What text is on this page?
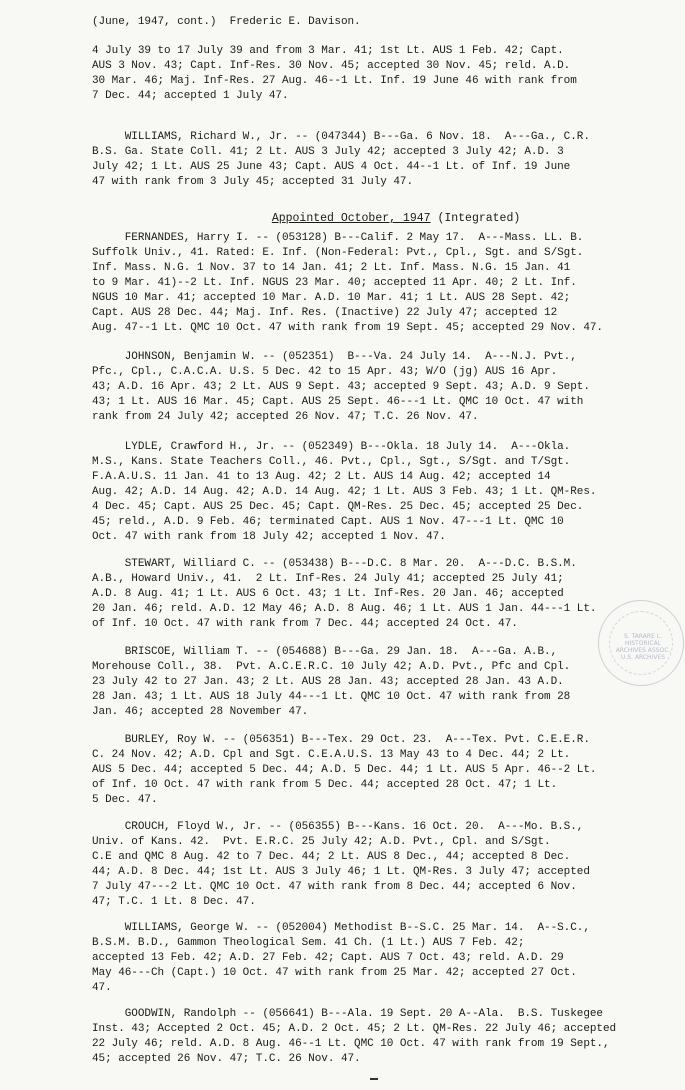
(June, 1947, cont.)  Frederic E. Davison.
4 July 39 to 17 July 39 and from 3 Mar. 41; 1st Lt. AUS 1 Feb. 42; Capt.
AUS 3 Nov. 43; Capt. Inf-Res. 30 Nov. 45; accepted 30 Nov. 45; reld. A.D.
30 Mar. 46; Maj. Inf-Res. 27 Aug. 46--1 Lt. Inf. 19 June 46 with rank from
7 Dec. 44; accepted 1 July 47.
WILLIAMS, Richard W., Jr. -- (047344) B---Ga. 6 Nov. 18.  A---Ga., C.R.
B.S. Ga. State Coll. 41; 2 Lt. AUS 3 July 42; accepted 3 July 42; A.D. 3
July 42; 1 Lt. AUS 25 June 43; Capt. AUS 4 Oct. 44--1 Lt. of Inf. 19 June
47 with rank from 3 July 45; accepted 31 July 47.
FERNANDES, Harry I. -- (053128) B---Calif. 2 May 17.  A---Mass. LL. B.
Suffolk Univ., 41. Rated: E. Inf. (Non-Federal: Pvt., Cpl., Sgt. and S/Sgt.
Inf. Mass. N.G. 1 Nov. 37 to 14 Jan. 41; 2 Lt. Inf. Mass. N.G. 15 Jan. 41
to 9 Mar. 41)--2 Lt. Inf. NGUS 23 Mar. 40; accepted 11 Apr. 40; 2 Lt. Inf.
NGUS 10 Mar. 41; accepted 10 Mar. A.D. 10 Mar. 41; 1 Lt. AUS 28 Sept. 42;
Capt. AUS 28 Dec. 44; Maj. Inf. Res. (Inactive) 22 July 47; accepted 12
Aug. 47--1 Lt. QMC 10 Oct. 47 with rank from 19 Sept. 45; accepted 29 Nov. 47.
JOHNSON, Benjamin W. -- (052351)  B---Va. 24 July 14.  A---N.J. Pvt.,
Pfc., Cpl., C.A.C.A. U.S. 5 Dec. 42 to 15 Apr. 43; W/O (jg) AUS 16 Apr.
43; A.D. 16 Apr. 43; 2 Lt. AUS 9 Sept. 43; accepted 9 Sept. 43; A.D. 9 Sept.
43; 1 Lt. AUS 16 Mar. 45; Capt. AUS 25 Sept. 46---1 Lt. QMC 10 Oct. 47 with
rank from 24 July 42; accepted 26 Nov. 47; T.C. 26 Nov. 47.
LYDLE, Crawford H., Jr. -- (052349) B---Okla. 18 July 14.  A---Okla.
M.S., Kans. State Teachers Coll., 46. Pvt., Cpl., Sgt., S/Sgt. and T/Sgt.
F.A.A.U.S. 11 Jan. 41 to 13 Aug. 42; 2 Lt. AUS 14 Aug. 42; accepted 14
Aug. 42; A.D. 14 Aug. 42; A.D. 14 Aug. 42; 1 Lt. AUS 3 Feb. 43; 1 Lt. QM-Res.
4 Dec. 45; Capt. AUS 25 Dec. 45; Capt. QM-Res. 25 Dec. 45; accepted 25 Dec.
45; reld., A.D. 9 Feb. 46; terminated Capt. AUS 1 Nov. 47---1 Lt. QMC 10
Oct. 47 with rank from 18 July 42; accepted 1 Nov. 47.
STEWART, Williard C. -- (053438) B---D.C. 8 Mar. 20.  A---D.C. B.S.M.
A.B., Howard Univ., 41.  2 Lt. Inf-Res. 24 July 41; accepted 25 July 41;
A.D. 8 Aug. 41; 1 Lt. AUS 6 Oct. 43; 1 Lt. Inf-Res. 20 Jan. 46; accepted
20 Jan. 46; reld. A.D. 12 May 46; A.D. 8 Aug. 46; 1 Lt. AUS 1 Jan. 44---1 Lt.
of Inf. 10 Oct. 47 with rank from 7 Dec. 44; accepted 24 Oct. 47.
BRISCOE, William T. -- (054688) B---Ga. 29 Jan. 18.  A---Ga. A.B.,
Morehouse Coll., 38.  Pvt. A.C.E.R.C. 10 July 42; A.D. Pvt., Pfc and Cpl.
23 July 42 to 27 Jan. 43; 2 Lt. AUS 28 Jan. 43; accepted 28 Jan. 43 A.D.
28 Jan. 43; 1 Lt. AUS 18 July 44---1 Lt. QMC 10 Oct. 47 with rank from 28
Jan. 46; accepted 28 November 47.
BURLEY, Roy W. -- (056351) B---Tex. 29 Oct. 23.  A---Tex. Pvt. C.E.E.R.
C. 24 Nov. 42; A.D. Cpl and Sgt. C.E.A.U.S. 13 May 43 to 4 Dec. 44; 2 Lt.
AUS 5 Dec. 44; accepted 5 Dec. 44; A.D. 5 Dec. 44; 1 Lt. AUS 5 Apr. 46--2 Lt.
of Inf. 10 Oct. 47 with rank from 5 Dec. 44; accepted 28 Oct. 47; 1 Lt.
5 Dec. 47.
CROUCH, Floyd W., Jr. -- (056355) B---Kans. 16 Oct. 20.  A---Mo. B.S.,
Univ. of Kans. 42.  Pvt. E.R.C. 25 July 42; A.D. Pvt., Cpl. and S/Sgt.
C.E and QMC 8 Aug. 42 to 7 Dec. 44; 2 Lt. AUS 8 Dec., 44; accepted 8 Dec.
44; A.D. 8 Dec. 44; 1st Lt. AUS 3 July 46; 1 Lt. QM-Res. 3 July 47; accepted
7 July 47---2 Lt. QMC 10 Oct. 47 with rank from 8 Dec. 44; accepted 6 Nov.
47; T.C. 1 Lt. 8 Dec. 47.
WILLIAMS, George W. -- (052004) Methodist B--S.C. 25 Mar. 14.  A--S.C.,
B.S.M. B.D., Gammon Theological Sem. 41 Ch. (1 Lt.) AUS 7 Feb. 42;
accepted 13 Feb. 42; A.D. 27 Feb. 42; Capt. AUS 7 Oct. 43; reld. A.D. 29
May 46---Ch (Capt.) 10 Oct. 47 with rank from 25 Mar. 42; accepted 27 Oct.
47.
GOODWIN, Randolph -- (056641) B---Ala. 19 Sept. 20 A--Ala.  B.S. Tuskegee
Inst. 43; Accepted 2 Oct. 45; A.D. 2 Oct. 45; 2 Lt. QM-Res. 22 July 46; accepted
22 July 46; reld. A.D. 8 Aug. 46--1 Lt. QMC 10 Oct. 47 with rank from 19 Sept.,
45; accepted 26 Nov. 47; T.C. 26 Nov. 47.

Appointed October, 1947 (Integrated)

S. TARARE L. HISTORICAL ARCHIVES ASSOC. U.S. ARCHIVES
